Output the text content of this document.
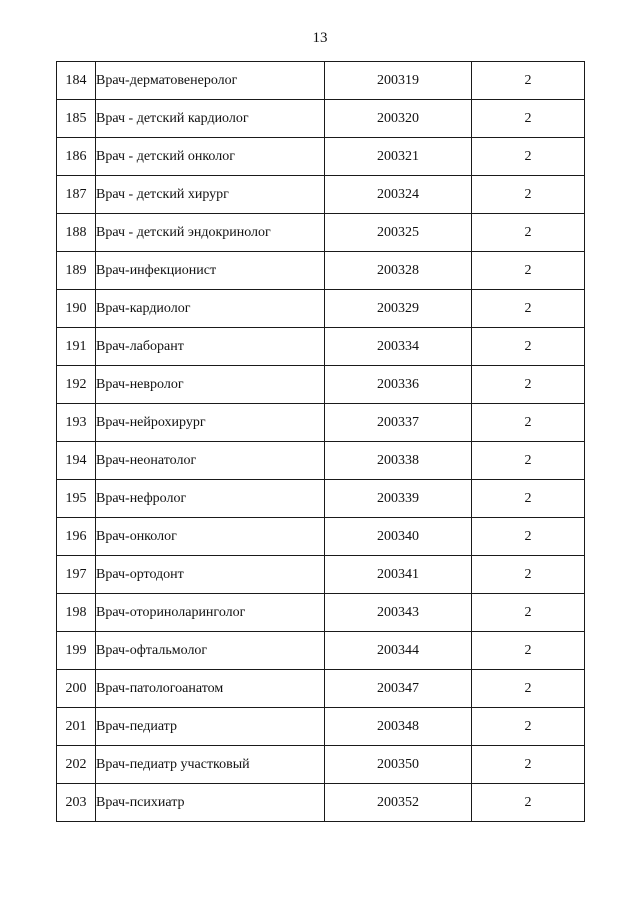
13
184	Врач-дерматовенеролог	200319	2
185	Врач - детский кардиолог	200320	2
186	Врач - детский онколог	200321	2
187	Врач - детский хирург	200324	2
188	Врач - детский эндокринолог	200325	2
189	Врач-инфекционист	200328	2
190	Врач-кардиолог	200329	2
191	Врач-лаборант	200334	2
192	Врач-невролог	200336	2
193	Врач-нейрохирург	200337	2
194	Врач-неонатолог	200338	2
195	Врач-нефролог	200339	2
196	Врач-онколог	200340	2
197	Врач-ортодонт	200341	2
198	Врач-оториноларинголог	200343	2
199	Врач-офтальмолог	200344	2
200	Врач-патологоанатом	200347	2
201	Врач-педиатр	200348	2
202	Врач-педиатр участковый	200350	2
203	Врач-психиатр	200352	2
